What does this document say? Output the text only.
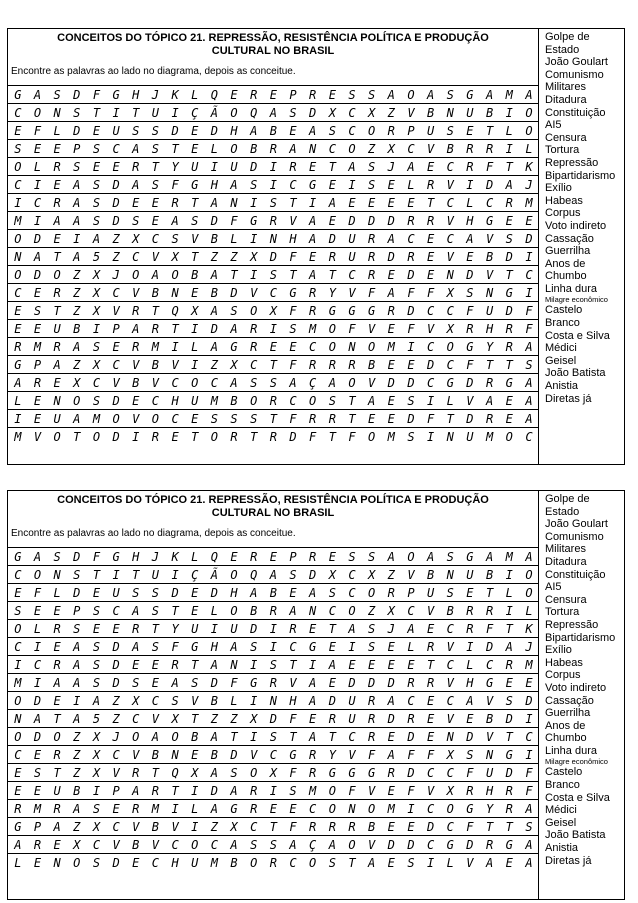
CONCEITOS DO TÓPICO 21. REPRESSÃO, RESISTÊNCIA POLÍTICA E PRODUÇÃO CULTURAL NO BRASIL
Encontre as palavras ao lado no diagrama, depois as conceitue.
G	A	S	D	F	G	H	J	K	L	Q	E	R	E	P	R	E	S	S	A	O	A	S	G	A	M	A
C	O	N	S	T	I	T	U	I	Ç	Ã	O	Q	A	S	D	X	C	X	Z	V	B	N	U	B	I	O
E	F	L	D	E	U	S	S	D	E	D	H	A	B	E	A	S	C	O	R	P	U	S	E	T	L	O
S	E	E	P	S	C	A	S	T	E	L	O	B	R	A	N	C	O	Z	X	C	V	B	R	R	I	L
O	L	R	S	E	E	R	T	Y	U	I	U	D	I	R	E	T	A	S	J	A	E	C	R	F	T	K
C	I	E	A	S	D	A	S	F	G	H	A	S	I	C	G	E	I	S	E	L	R	V	I	D	A	J
I	C	R	A	S	D	E	E	R	T	A	N	I	S	T	I	A	E	E	E	E	T	C	L	C	R	M
M	I	A	A	S	D	S	E	A	S	D	F	G	R	V	A	E	D	D	D	R	R	V	H	G	E	E
O	D	E	I	A	Z	X	C	S	V	B	L	I	N	H	A	D	U	R	A	C	E	C	A	V	S	D
N	A	T	A	5	Z	C	V	X	T	Z	Z	X	D	F	E	R	U	R	D	R	E	V	E	B	D	I
O	D	O	Z	X	J	O	A	O	B	A	T	I	S	T	A	T	C	R	E	D	E	N	D	V	T	C
C	E	R	Z	X	C	V	B	N	E	B	D	V	C	G	R	Y	V	F	A	F	F	X	S	N	G	I
E	S	T	Z	X	V	R	T	Q	X	A	S	O	X	F	R	G	G	G	R	D	C	C	F	U	D	F
E	E	U	B	I	P	A	R	T	I	D	A	R	I	S	M	O	F	V	E	F	V	X	R	H	R	F
R	M	R	A	S	E	R	M	I	L	A	G	R	E	E	C	O	N	O	M	I	C	O	G	Y	R	A
G	P	A	Z	X	C	V	B	V	I	Z	X	C	T	F	R	R	R	B	E	E	D	C	F	T	T	S
A	R	E	X	C	V	B	V	C	O	C	A	S	S	A	Ç	A	O	V	D	D	C	G	D	R	G	A
L	E	N	O	S	D	E	C	H	U	M	B	O	R	C	O	S	T	A	E	S	I	L	V	A	E	A
I	E	U	A	M	O	V	O	C	E	S	S	S	T	F	R	R	T	E	E	D	F	T	D	R	E	A
M	V	O	T	O	D	I	R	E	T	O	R	T	R	D	F	T	F	O	M	S	I	N	U	M	O	C
Golpe de
Estado
João Goulart
Comunismo
Militares
Ditadura
Constituição
AI5
Censura
Tortura
Repressão
Bipartidarismo
Exílio
Habeas
Corpus
Voto indireto
Cassação
Guerrilha
Anos de
Chumbo
Linha dura
Milagre econômico
Castelo
Branco
Costa e Silva
Médici
Geisel
João Batista
Anistia
Diretas já
CONCEITOS DO TÓPICO 21. REPRESSÃO, RESISTÊNCIA POLÍTICA E PRODUÇÃO CULTURAL NO BRASIL
Encontre as palavras ao lado no diagrama, depois as conceitue.
G	A	S	D	F	G	H	J	K	L	Q	E	R	E	P	R	E	S	S	A	O	A	S	G	A	M	A
C	O	N	S	T	I	T	U	I	Ç	Ã	O	Q	A	S	D	X	C	X	Z	V	B	N	U	B	I	O
E	F	L	D	E	U	S	S	D	E	D	H	A	B	E	A	S	C	O	R	P	U	S	E	T	L	O
S	E	E	P	S	C	A	S	T	E	L	O	B	R	A	N	C	O	Z	X	C	V	B	R	R	I	L
O	L	R	S	E	E	R	T	Y	U	I	U	D	I	R	E	T	A	S	J	A	E	C	R	F	T	K
C	I	E	A	S	D	A	S	F	G	H	A	S	I	C	G	E	I	S	E	L	R	V	I	D	A	J
I	C	R	A	S	D	E	E	R	T	A	N	I	S	T	I	A	E	E	E	E	T	C	L	C	R	M
M	I	A	A	S	D	S	E	A	S	D	F	G	R	V	A	E	D	D	D	R	R	V	H	G	E	E
O	D	E	I	A	Z	X	C	S	V	B	L	I	N	H	A	D	U	R	A	C	E	C	A	V	S	D
N	A	T	A	5	Z	C	V	X	T	Z	Z	X	D	F	E	R	U	R	D	R	E	V	E	B	D	I
O	D	O	Z	X	J	O	A	O	B	A	T	I	S	T	A	T	C	R	E	D	E	N	D	V	T	C
C	E	R	Z	X	C	V	B	N	E	B	D	V	C	G	R	Y	V	F	A	F	F	X	S	N	G	I
E	S	T	Z	X	V	R	T	Q	X	A	S	O	X	F	R	G	G	G	R	D	C	C	F	U	D	F
E	E	U	B	I	P	A	R	T	I	D	A	R	I	S	M	O	F	V	E	F	V	X	R	H	R	F
R	M	R	A	S	E	R	M	I	L	A	G	R	E	E	C	O	N	O	M	I	C	O	G	Y	R	A
G	P	A	Z	X	C	V	B	V	I	Z	X	C	T	F	R	R	R	B	E	E	D	C	F	T	T	S
A	R	E	X	C	V	B	V	C	O	C	A	S	S	A	Ç	A	O	V	D	D	C	G	D	R	G	A
L	E	N	O	S	D	E	C	H	U	M	B	O	R	C	O	S	T	A	E	S	I	L	V	A	E	A
Golpe de
Estado
João Goulart
Comunismo
Militares
Ditadura
Constituição
AI5
Censura
Tortura
Repressão
Bipartidarismo
Exílio
Habeas
Corpus
Voto indireto
Cassação
Guerrilha
Anos de
Chumbo
Linha dura
Milagre econômico
Castelo
Branco
Costa e Silva
Médici
Geisel
João Batista
Anistia
Diretas já
